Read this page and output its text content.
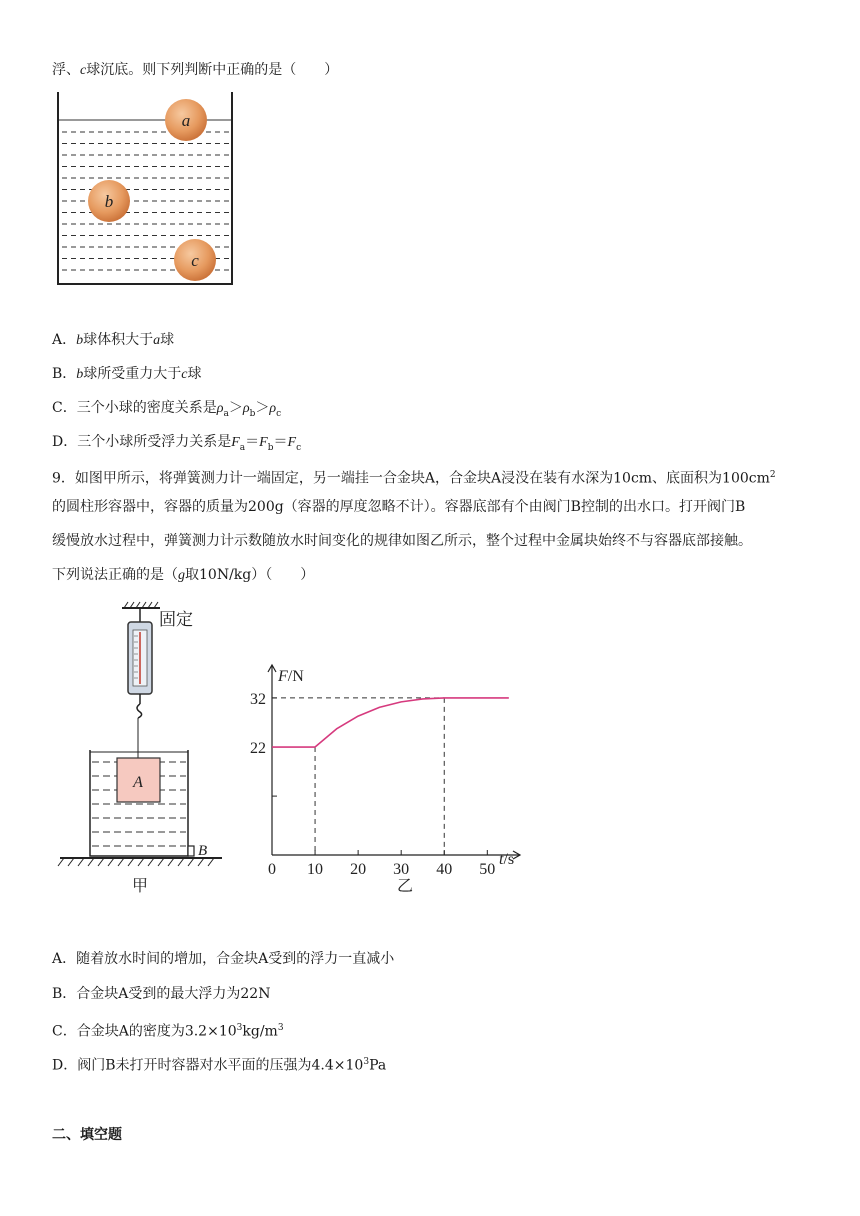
浮、c球沉底。则下列判断中正确的是（　　）
a
b
c
A．b球体积大于a球
B．b球所受重力大于c球
C．三个小球的密度关系是$\rho_a>\rho_b>\rho_c$
D．三个小球所受浮力关系是$F_a=F_b=F_c$
9．如图甲所示，将弹簧测力计一端固定，另一端挂一合金块A，合金块A浸没在装有水深为10cm、底面积为$100cm^2$
的圆柱形容器中，容器的质量为200g（容器的厚度忽略不计）。容器底部有个由阀门B控制的出水口。打开阀门B
缓慢放水过程中，弹簧测力计示数随放水时间变化的规律如图乙所示，整个过程中金属块始终不与容器底部接触。
下列说法正确的是（g取10N/kg）（　　）
固定
A
B
甲
0 10 20 30 40 50
22
32
F/N
t/s
乙
A．随着放水时间的增加，合金块A受到的浮力一直减小
B．合金块A受到的最大浮力为22N
C．合金块A的密度为$3.2\times 10^3kg/m^3$
D．阀门B未打开时容器对水平面的压强为$4.4\times 10^3Pa$
二、填空题
